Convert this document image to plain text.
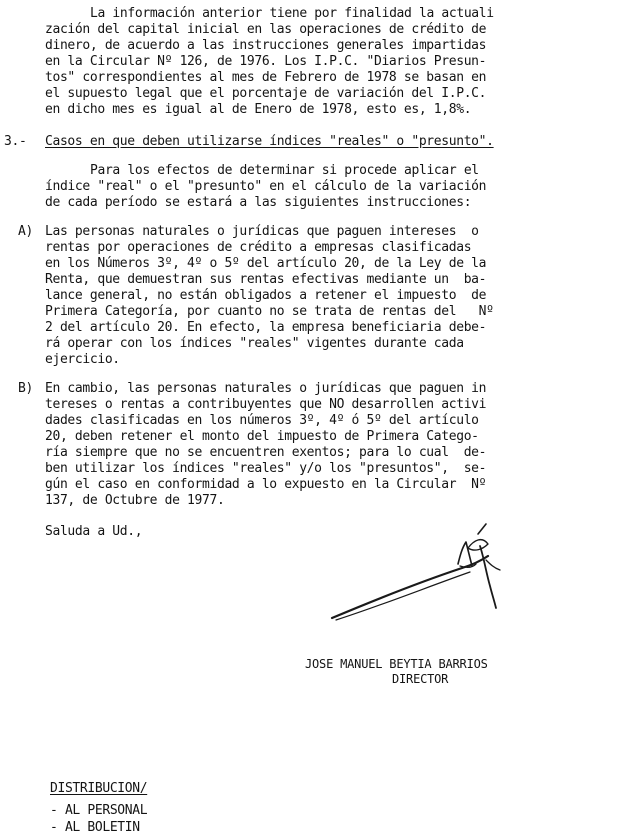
La información anterior tiene por finalidad la actuali
zación del capital inicial en las operaciones de crédito de
dinero, de acuerdo a las instrucciones generales impartidas
en la Circular Nº 126, de 1976. Los I.P.C. "Diarios Presun-
tos" correspondientes al mes de Febrero de 1978 se basan en
el supuesto legal que el porcentaje de variación del I.P.C.
en dicho mes es igual al de Enero de 1978, esto es, 1,8%.
3.- Casos en que deben utilizarse índices "reales" o "presunto".
Para los efectos de determinar si procede aplicar el
índice "real" o el "presunto" en el cálculo de la variación
de cada período se estará a las siguientes instrucciones:
A) Las personas naturales o jurídicas que paguen intereses  o
rentas por operaciones de crédito a empresas clasificadas
en los Números 3º, 4º o 5º del artículo 20, de la Ley de la
Renta, que demuestran sus rentas efectivas mediante un  ba-
lance general, no están obligados a retener el impuesto  de
Primera Categoría, por cuanto no se trata de rentas del   Nº
2 del artículo 20. En efecto, la empresa beneficiaria debe-
rá operar con los índices "reales" vigentes durante cada
ejercicio.
B) En cambio, las personas naturales o jurídicas que paguen in
tereses o rentas a contribuyentes que NO desarrollen activi
dades clasificadas en los números 3º, 4º ó 5º del artículo
20, deben retener el monto del impuesto de Primera Catego-
ría siempre que no se encuentren exentos; para lo cual  de-
ben utilizar los índices "reales" y/o los "presuntos",  se-
gún el caso en conformidad a lo expuesto en la Circular  Nº
137, de Octubre de 1977.
Saluda a Ud.,
JOSE MANUEL BEYTIA BARRIOS
DIRECTOR
DISTRIBUCION/
- AL PERSONAL
- AL BOLETIN
